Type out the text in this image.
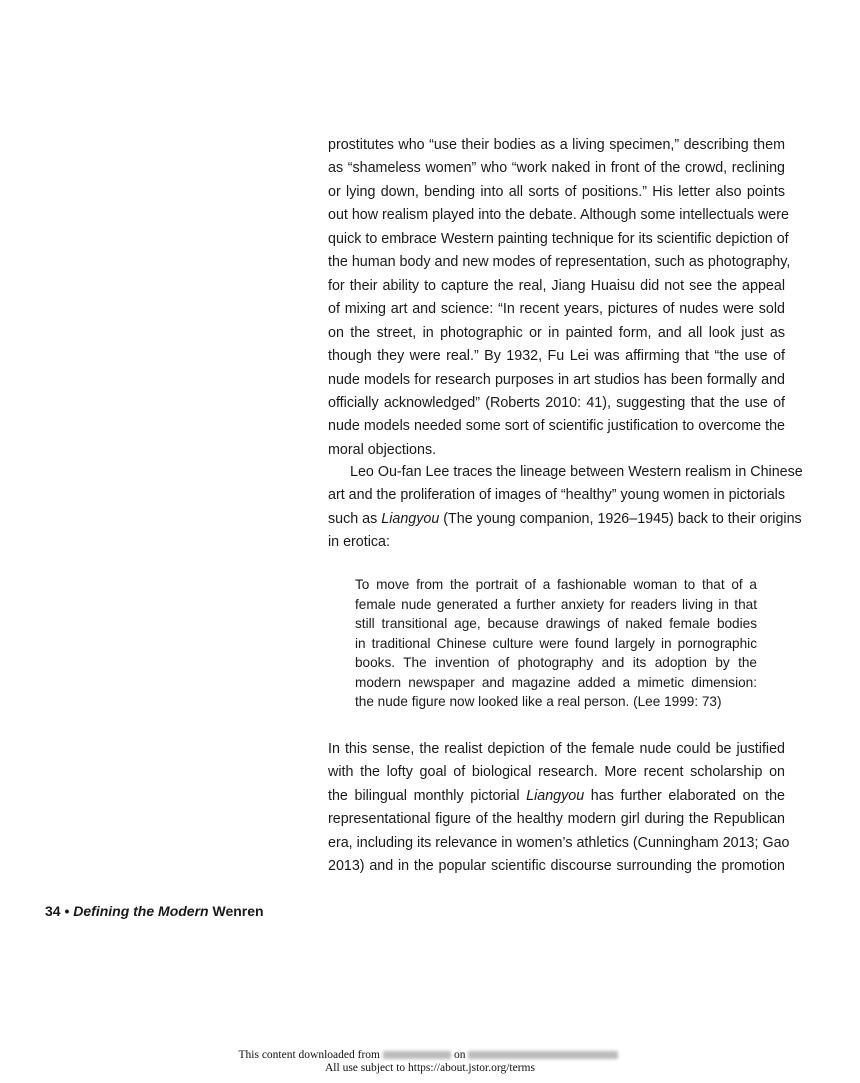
prostitutes who “use their bodies as a living specimen,” describing them
as “shameless women” who “work naked in front of the crowd, reclining
or lying down, bending into all sorts of positions.” His letter also points
out how realism played into the debate. Although some intellectuals were
quick to embrace Western painting technique for its scientific depiction of
the human body and new modes of representation, such as photography,
for their ability to capture the real, Jiang Huaisu did not see the appeal
of mixing art and science: “In recent years, pictures of nudes were sold
on the street, in photographic or in painted form, and all look just as
though they were real.” By 1932, Fu Lei was affirming that “the use of
nude models for research purposes in art studios has been formally and
officially acknowledged” (Roberts 2010: 41), suggesting that the use of
nude models needed some sort of scientific justification to overcome the
moral objections.
Leo Ou-fan Lee traces the lineage between Western realism in Chinese
art and the proliferation of images of “healthy” young women in pictorials
such as Liangyou (The young companion, 1926–1945) back to their origins
in erotica:
To move from the portrait of a fashionable woman to that of a
female nude generated a further anxiety for readers living in that
still transitional age, because drawings of naked female bodies
in traditional Chinese culture were found largely in pornographic
books. The invention of photography and its adoption by the
modern newspaper and magazine added a mimetic dimension:
the nude figure now looked like a real person. (Lee 1999: 73)
In this sense, the realist depiction of the female nude could be justified
with the lofty goal of biological research. More recent scholarship on
the bilingual monthly pictorial Liangyou has further elaborated on the
representational figure of the healthy modern girl during the Republican
era, including its relevance in women’s athletics (Cunningham 2013; Gao
2013) and in the popular scientific discourse surrounding the promotion
34 • Defining the Modern Wenren
This content downloaded from	on
All use subject to https://about.jstor.org/terms
